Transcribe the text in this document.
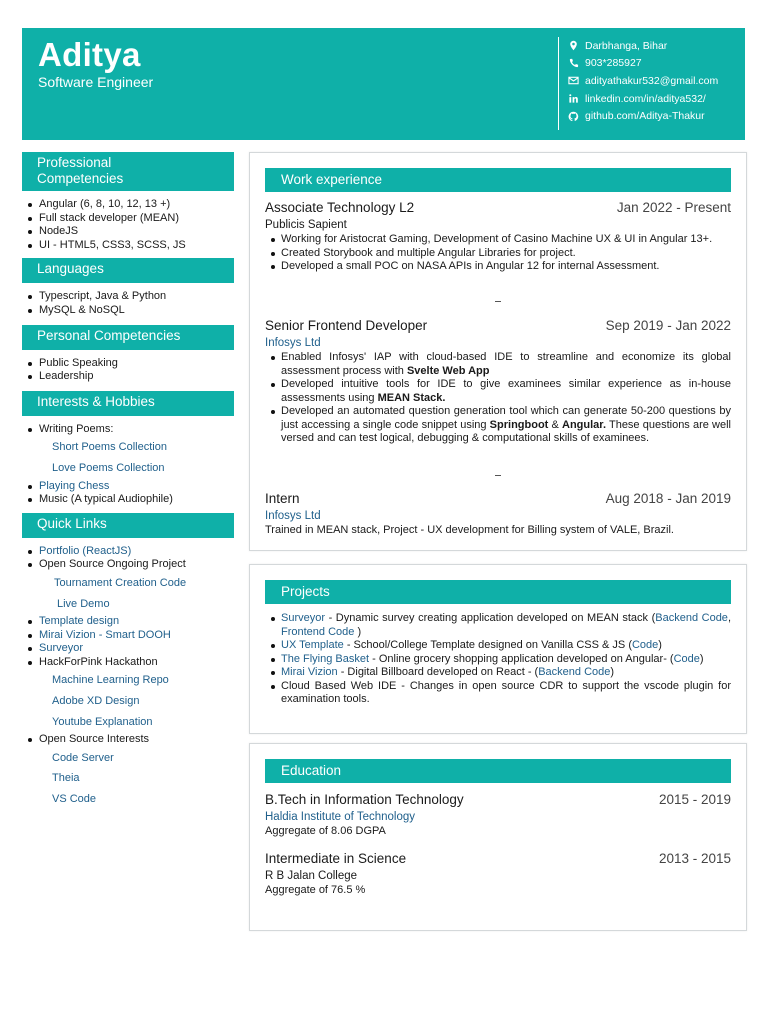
Aditya
Software Engineer
Darbhanga, Bihar
903*285927
adityathakur532@gmail.com
linkedin.com/in/aditya532/
github.com/Aditya-Thakur
Professional
Competencies
Angular (6, 8, 10, 12, 13 +)
Full stack developer (MEAN)
NodeJS
UI - HTML5, CSS3, SCSS, JS
Languages
Typescript, Java & Python
MySQL & NoSQL
Personal Competencies
Public Speaking
Leadership
Interests & Hobbies
Writing Poems:
Short Poems Collection
Love Poems Collection
Playing Chess
Music (A typical Audiophile)
Quick Links
Portfolio (ReactJS)
Open Source Ongoing Project
Tournament Creation Code
Live Demo
Template design
Mirai Vizion - Smart DOOH
Surveyor
HackForPink Hackathon
Machine Learning Repo
Adobe XD Design
Youtube Explanation
Open Source Interests
Code Server
Theia
VS Code
Work experience
Associate Technology L2	Jan 2022 - Present
Publicis Sapient
Working for Aristocrat Gaming, Development of Casino Machine UX & UI in Angular 13+.
Created Storybook and multiple Angular Libraries for project.
Developed a small POC on NASA APIs in Angular 12 for internal Assessment.
Senior Frontend Developer	Sep 2019 - Jan 2022
Infosys Ltd
Enabled Infosys' IAP with cloud-based IDE to streamline and economize its global assessment process with Svelte Web App
Developed intuitive tools for IDE to give examinees similar experience as in-house assessments using MEAN Stack.
Developed an automated question generation tool which can generate 50-200 questions by just accessing a single code snippet using Springboot & Angular. These questions are well versed and can test logical, debugging & computational skills of examinees.
Intern	Aug 2018 - Jan 2019
Infosys Ltd
Trained in MEAN stack, Project - UX development for Billing system of VALE, Brazil.
Projects
Surveyor - Dynamic survey creating application developed on MEAN stack (Backend Code, Frontend Code )
UX Template - School/College Template designed on Vanilla CSS & JS (Code)
The Flying Basket - Online grocery shopping application developed on Angular- (Code)
Mirai Vizion - Digital Billboard developed on React - (Backend Code)
Cloud Based Web IDE - Changes in open source CDR to support the vscode plugin for examination tools.
Education
B.Tech in Information Technology	2015 - 2019
Haldia Institute of Technology
Aggregate of 8.06 DGPA
Intermediate in Science	2013 - 2015
R B Jalan College
Aggregate of 76.5 %
